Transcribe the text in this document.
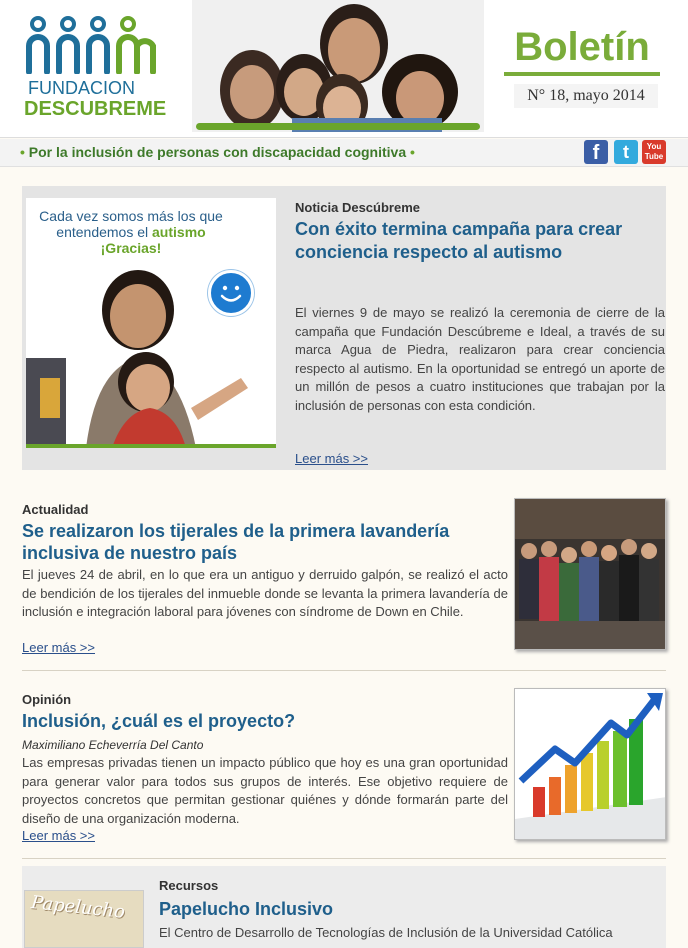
FUNDACION
DESCUBREME
Boletín
N° 18, mayo 2014
• Por la inclusión de personas con discapacidad cognitiva •	f	t	You Tube
Cada vez somos más los que
entendemos el autismo
¡Gracias!
Noticia Descúbreme
Con éxito termina campaña para crear conciencia respecto al autismo
El viernes 9 de mayo se realizó la ceremonia de cierre de la campaña que Fundación Descúbreme e Ideal, a través de su marca Agua de Piedra, realizaron para crear conciencia respecto al autismo. En la oportunidad se entregó un aporte de un millón de pesos a cuatro instituciones que trabajan por la inclusión de personas con esta condición.
Leer más >>
Actualidad
Se realizaron los tijerales de la primera lavandería inclusiva de nuestro país
El jueves 24 de abril, en lo que era un antiguo y derruido galpón, se realizó el acto de bendición de los tijerales del inmueble donde se levanta la primera lavandería de inclusión e integración laboral para jóvenes con síndrome de Down en Chile.
Leer más >>
Opinión
Inclusión, ¿cuál es el proyecto?
Maximiliano Echeverría Del Canto
Las empresas privadas tienen un impacto público que hoy es una gran oportunidad para generar valor para todos sus grupos de interés. Ese objetivo requiere de proyectos concretos que permitan gestionar quiénes y dónde formarán parte del diseño de una organización moderna.
Leer más >>
Papelucho
Recursos
Papelucho Inclusivo
El Centro de Desarrollo de Tecnologías de Inclusión de la Universidad Católica
